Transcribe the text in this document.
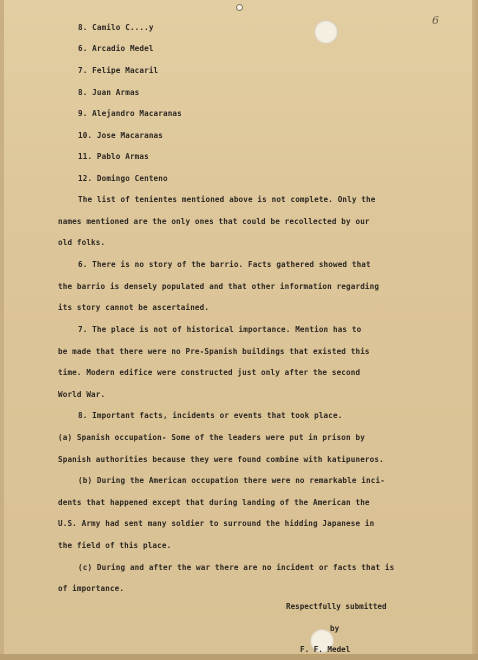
6
8. Camilo C....y
6. Arcadio Medel
7. Felipe Macaril
8. Juan Armas
9. Alejandro Macaranas
10. Jose Macaranas
11. Pablo Armas
12. Domingo Centeno
The list of tenientes mentioned above is not complete. Only the
names mentioned are the only ones that could be recollected by our
old folks.
6. There is no story of the barrio. Facts gathered showed that
the barrio is densely populated and that other information regarding
its story cannot be ascertained.
7. The place is not of historical importance. Mention has to
be made that there were no Pre-Spanish buildings that existed this
time. Modern edifice were constructed just only after the second
World War.
8. Important facts, incidents or events that took place.
(a) Spanish occupation- Some of the leaders were put in prison by
Spanish authorities because they were found combine with katipuneros.
(b) During the American occupation there were no remarkable inci-
dents that happened except that during landing of the American the
U.S. Army had sent many soldier to surround the hidding Japanese in
the field of this place.
(c) During and after the war there are no incident or facts that is
of importance.
Respectfully submitted
by
F. F. Medel
